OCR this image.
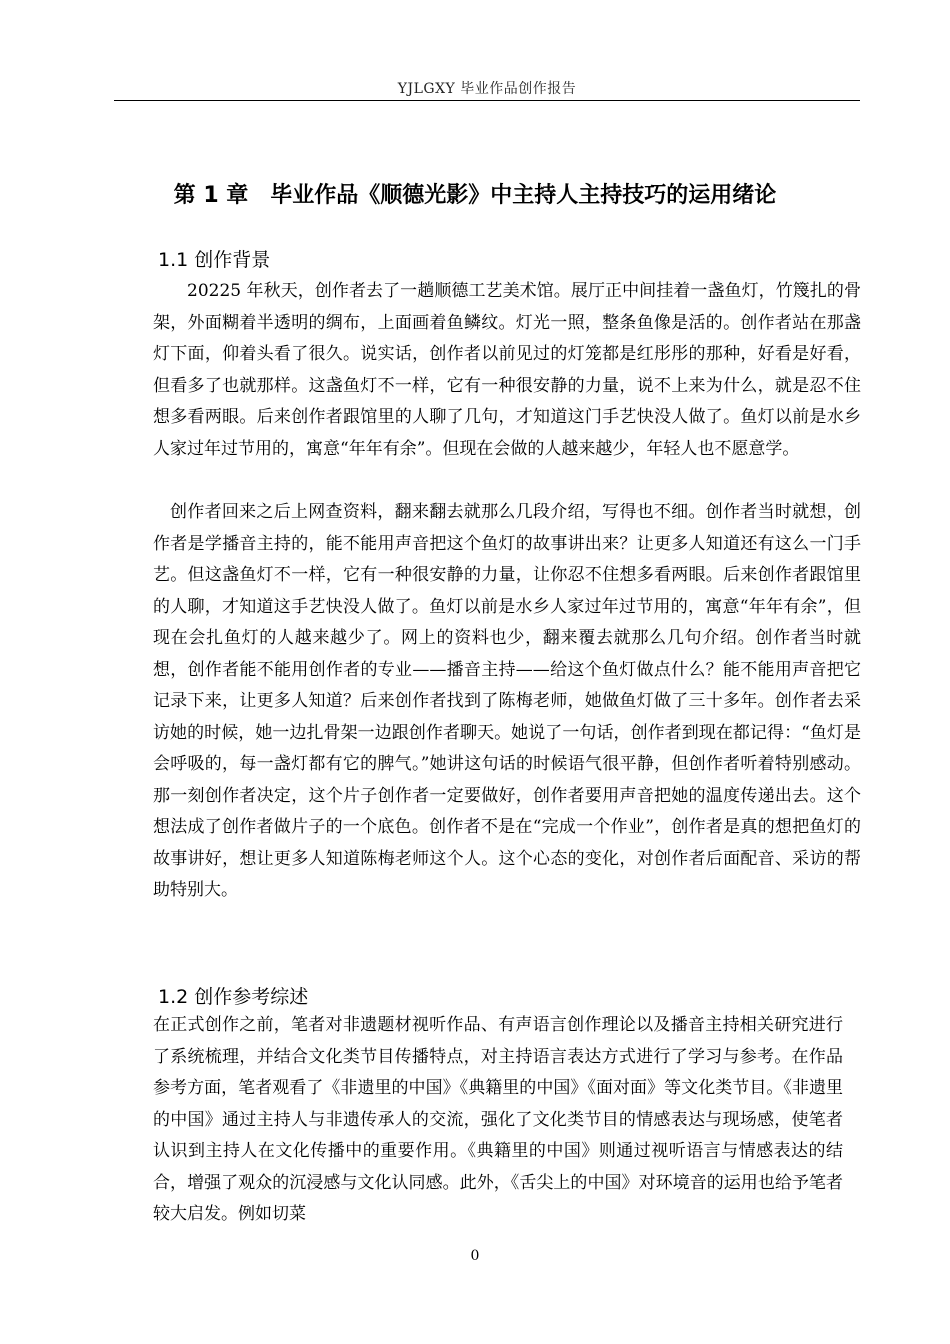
YJLGXY 毕业作品创作报告
第 1 章　毕业作品《顺德光影》中主持人主持技巧的运用绪论
1.1 创作背景

20225 年秋天，创作者去了一趟顺德工艺美术馆。展厅正中间挂着一盏鱼灯，竹篾扎的骨架，外面糊着半透明的绸布，上面画着鱼鳞纹。灯光一照，整条鱼像是活的。创作者站在那盏灯下面，仰着头看了很久。说实话，创作者以前见过的灯笼都是红彤彤的那种，好看是好看，但看多了也就那样。这盏鱼灯不一样，它有一种很安静的力量，说不上来为什么，就是忍不住想多看两眼。后来创作者跟馆里的人聊了几句，才知道这门手艺快没人做了。鱼灯以前是水乡人家过年过节用的，寓意“年年有余”。但现在会做的人越来越少，年轻人也不愿意学。

创作者回来之后上网查资料，翻来翻去就那么几段介绍，写得也不细。创作者当时就想，创作者是学播音主持的，能不能用声音把这个鱼灯的故事讲出来？让更多人知道还有这么一门手艺。但这盏鱼灯不一样，它有一种很安静的力量，让你忍不住想多看两眼。后来创作者跟馆里的人聊，才知道这手艺快没人做了。鱼灯以前是水乡人家过年过节用的，寓意“年年有余”，但现在会扎鱼灯的人越来越少了。网上的资料也少，翻来覆去就那么几句介绍。创作者当时就想，创作者能不能用创作者的专业——播音主持——给这个鱼灯做点什么？能不能用声音把它记录下来，让更多人知道？后来创作者找到了陈梅老师，她做鱼灯做了三十多年。创作者去采访她的时候，她一边扎骨架一边跟创作者聊天。她说了一句话，创作者到现在都记得：“鱼灯是会呼吸的，每一盏灯都有它的脾气。”她讲这句话的时候语气很平静，但创作者听着特别感动。那一刻创作者决定，这个片子创作者一定要做好，创作者要用声音把她的温度传递出去。这个想法成了创作者做片子的一个底色。创作者不是在“完成一个作业”，创作者是真的想把鱼灯的故事讲好，想让更多人知道陈梅老师这个人。这个心态的变化，对创作者后面配音、采访的帮助特别大。

1.2 创作参考综述

在正式创作之前，笔者对非遗题材视听作品、有声语言创作理论以及播音主持相关研究进行了系统梳理，并结合文化类节目传播特点，对主持语言表达方式进行了学习与参考。在作品参考方面，笔者观看了《非遗里的中国》《典籍里的中国》《面对面》等文化类节目。《非遗里的中国》通过主持人与非遗传承人的交流，强化了文化类节目的情感表达与现场感，使笔者认识到主持人在文化传播中的重要作用。《典籍里的中国》则通过视听语言与情感表达的结合，增强了观众的沉浸感与文化认同感。此外，《舌尖上的中国》对环境音的运用也给予笔者较大启发。例如切菜

0
